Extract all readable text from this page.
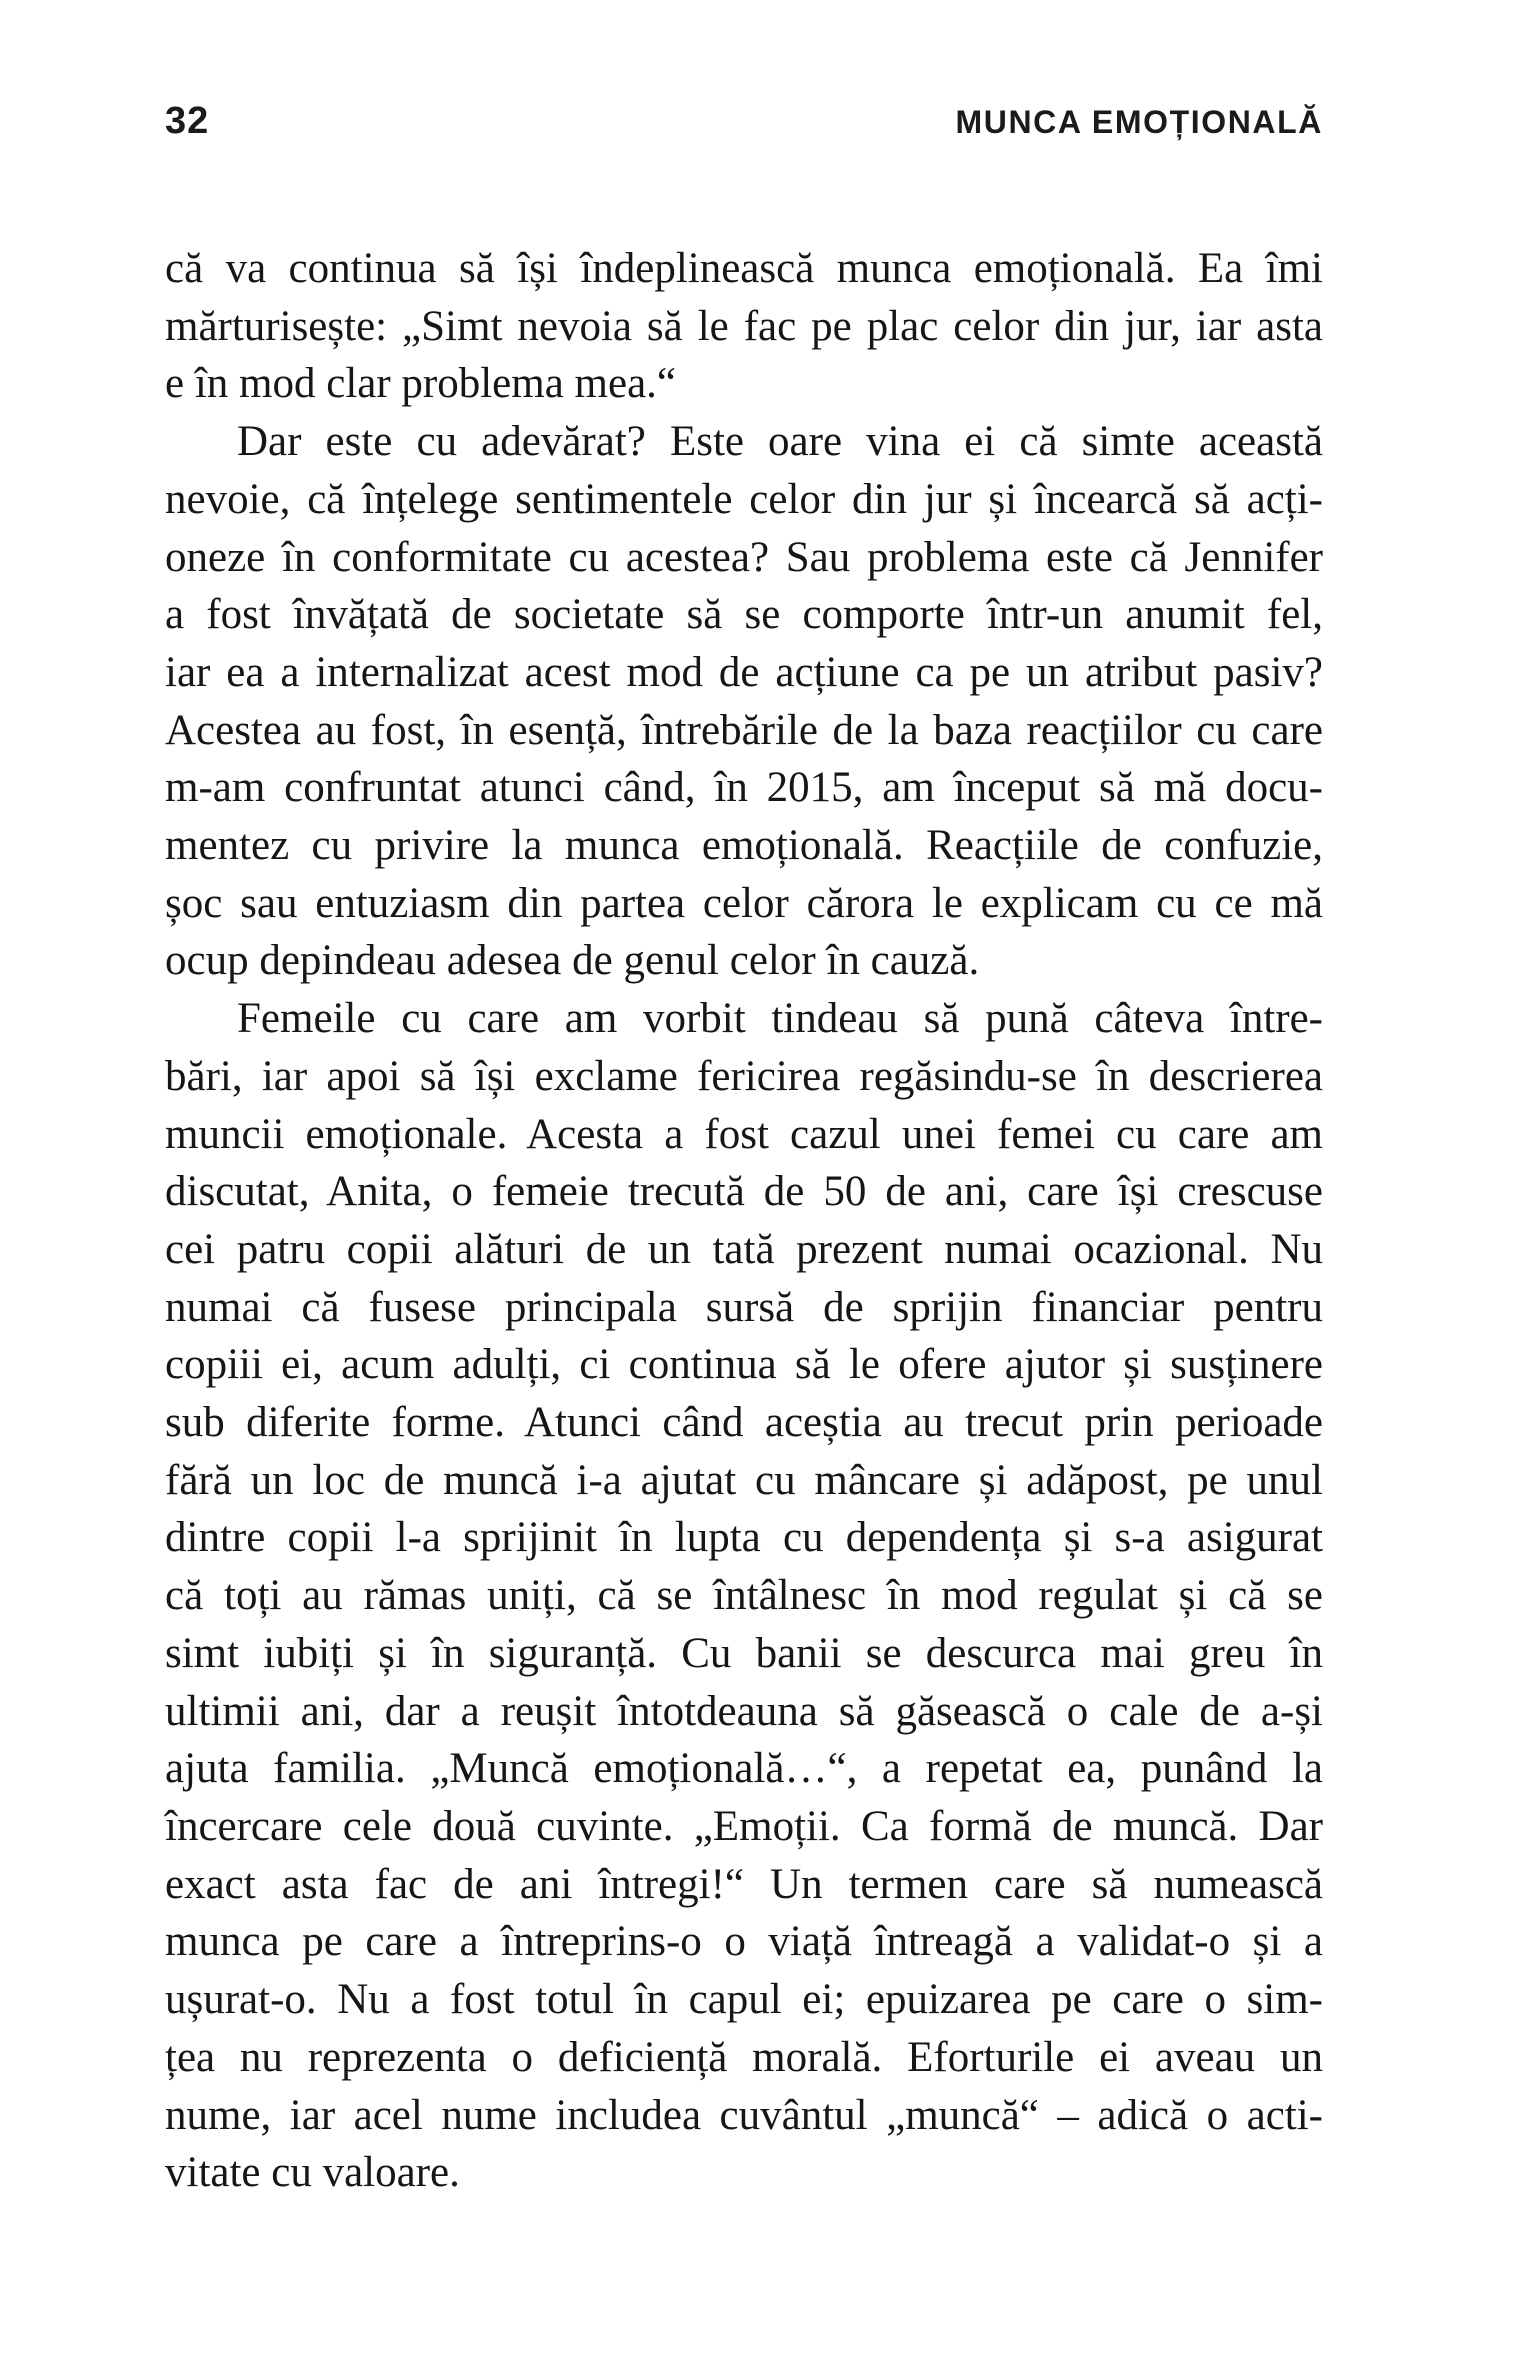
32	MUNCA EMOȚIONALĂ
că va continua să își îndeplinească munca emoțională. Ea îmi
mărturisește: „Simt nevoia să le fac pe plac celor din jur, iar asta
e în mod clar problema mea.“
Dar este cu adevărat? Este oare vina ei că simte această
nevoie, că înțelege sentimentele celor din jur și încearcă să acți-
oneze în conformitate cu acestea? Sau problema este că Jennifer
a fost învățată de societate să se comporte într-un anumit fel,
iar ea a internalizat acest mod de acțiune ca pe un atribut pasiv?
Acestea au fost, în esență, întrebările de la baza reacțiilor cu care
m-am confruntat atunci când, în 2015, am început să mă docu-
mentez cu privire la munca emoțională. Reacțiile de confuzie,
șoc sau entuziasm din partea celor cărora le explicam cu ce mă
ocup depindeau adesea de genul celor în cauză.
Femeile cu care am vorbit tindeau să pună câteva între-
bări, iar apoi să își exclame fericirea regăsindu-se în descrierea
muncii emoționale. Acesta a fost cazul unei femei cu care am
discutat, Anita, o femeie trecută de 50 de ani, care își crescuse
cei patru copii alături de un tată prezent numai ocazional. Nu
numai că fusese principala sursă de sprijin financiar pentru
copiii ei, acum adulți, ci continua să le ofere ajutor și susținere
sub diferite forme. Atunci când aceștia au trecut prin perioade
fără un loc de muncă i-a ajutat cu mâncare și adăpost, pe unul
dintre copii l-a sprijinit în lupta cu dependența și s-a asigurat
că toți au rămas uniți, că se întâlnesc în mod regulat și că se
simt iubiți și în siguranță. Cu banii se descurca mai greu în
ultimii ani, dar a reușit întotdeauna să găsească o cale de a-și
ajuta familia. „Muncă emoțională…“, a repetat ea, punând la
încercare cele două cuvinte. „Emoții. Ca formă de muncă. Dar
exact asta fac de ani întregi!“ Un termen care să numească
munca pe care a întreprins-o o viață întreagă a validat-o și a
ușurat-o. Nu a fost totul în capul ei; epuizarea pe care o sim-
țea nu reprezenta o deficiență morală. Eforturile ei aveau un
nume, iar acel nume includea cuvântul „muncă“ – adică o acti-
vitate cu valoare.
